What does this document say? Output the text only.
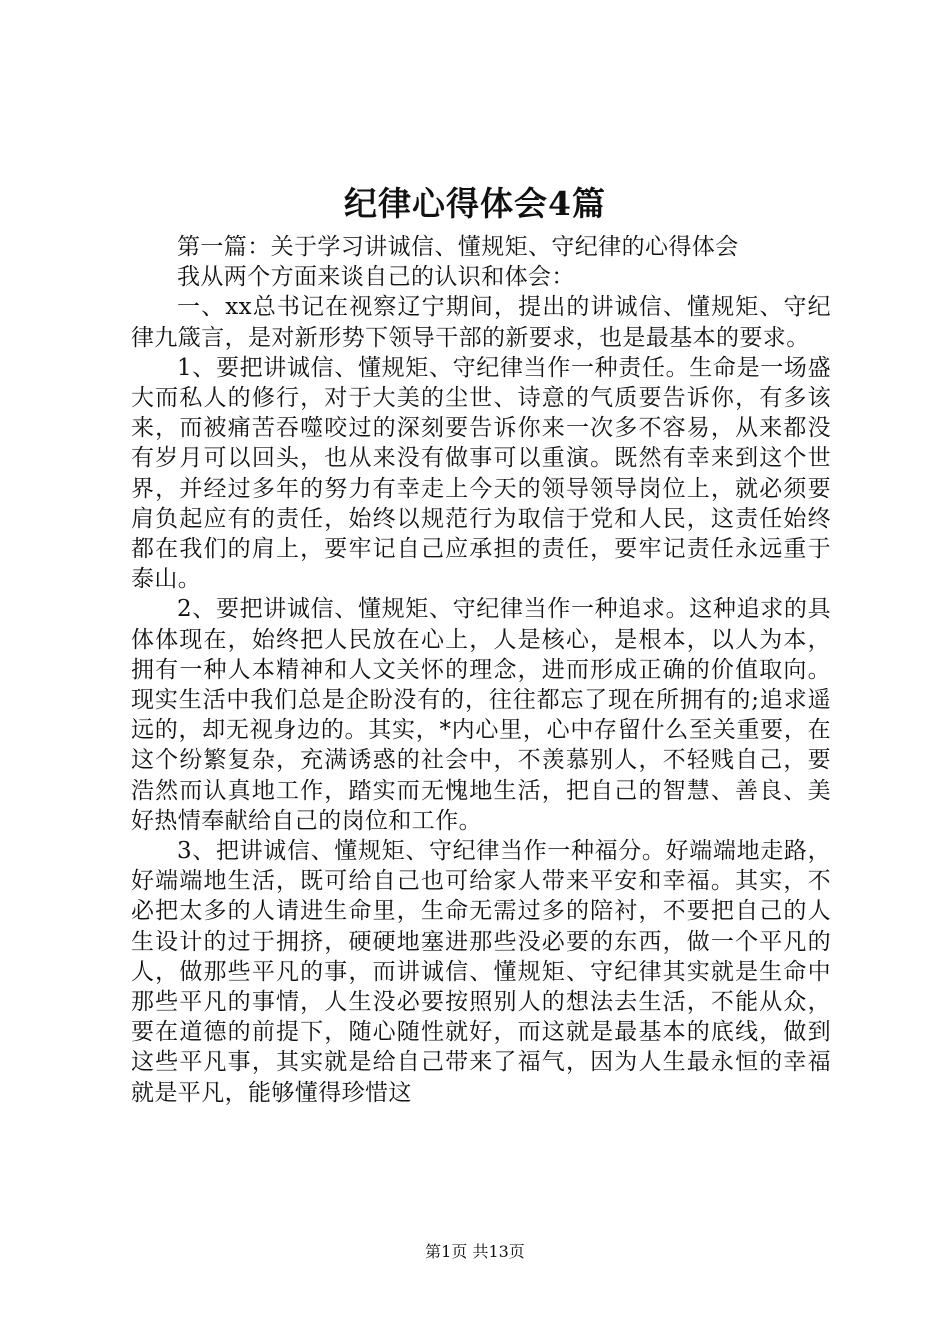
纪律心得体会4篇

第一篇：关于学习讲诚信、懂规矩、守纪律的心得体会

我从两个方面来谈自己的认识和体会：

一、xx总书记在视察辽宁期间，提出的讲诚信、懂规矩、守纪律九箴言，是对新形势下领导干部的新要求，也是最基本的要求。

1、要把讲诚信、懂规矩、守纪律当作一种责任。生命是一场盛大而私人的修行，对于大美的尘世、诗意的气质要告诉你，有多该来，而被痛苦吞噬咬过的深刻要告诉你来一次多不容易，从来都没有岁月可以回头，也从来没有做事可以重演。既然有幸来到这个世界，并经过多年的努力有幸走上今天的领导领导岗位上，就必须要肩负起应有的责任，始终以规范行为取信于党和人民，这责任始终都在我们的肩上，要牢记自己应承担的责任，要牢记责任永远重于泰山。

2、要把讲诚信、懂规矩、守纪律当作一种追求。这种追求的具体体现在，始终把人民放在心上，人是核心，是根本，以人为本，拥有一种人本精神和人文关怀的理念，进而形成正确的价值取向。现实生活中我们总是企盼没有的，往往都忘了现在所拥有的;追求遥远的，却无视身边的。其实，*内心里，心中存留什么至关重要，在这个纷繁复杂，充满诱惑的社会中，不羡慕别人，不轻贱自己，要浩然而认真地工作，踏实而无愧地生活，把自己的智慧、善良、美好热情奉献给自己的岗位和工作。

3、把讲诚信、懂规矩、守纪律当作一种福分。好端端地走路，好端端地生活，既可给自己也可给家人带来平安和幸福。其实，不必把太多的人请进生命里，生命无需过多的陪衬，不要把自己的人生设计的过于拥挤，硬硬地塞进那些没必要的东西，做一个平凡的人，做那些平凡的事，而讲诚信、懂规矩、守纪律其实就是生命中那些平凡的事情，人生没必要按照别人的想法去生活，不能从众，要在道德的前提下，随心随性就好，而这就是最基本的底线，做到这些平凡事，其实就是给自己带来了福气，因为人生最永恒的幸福就是平凡，能够懂得珍惜这

第1页 共13页
